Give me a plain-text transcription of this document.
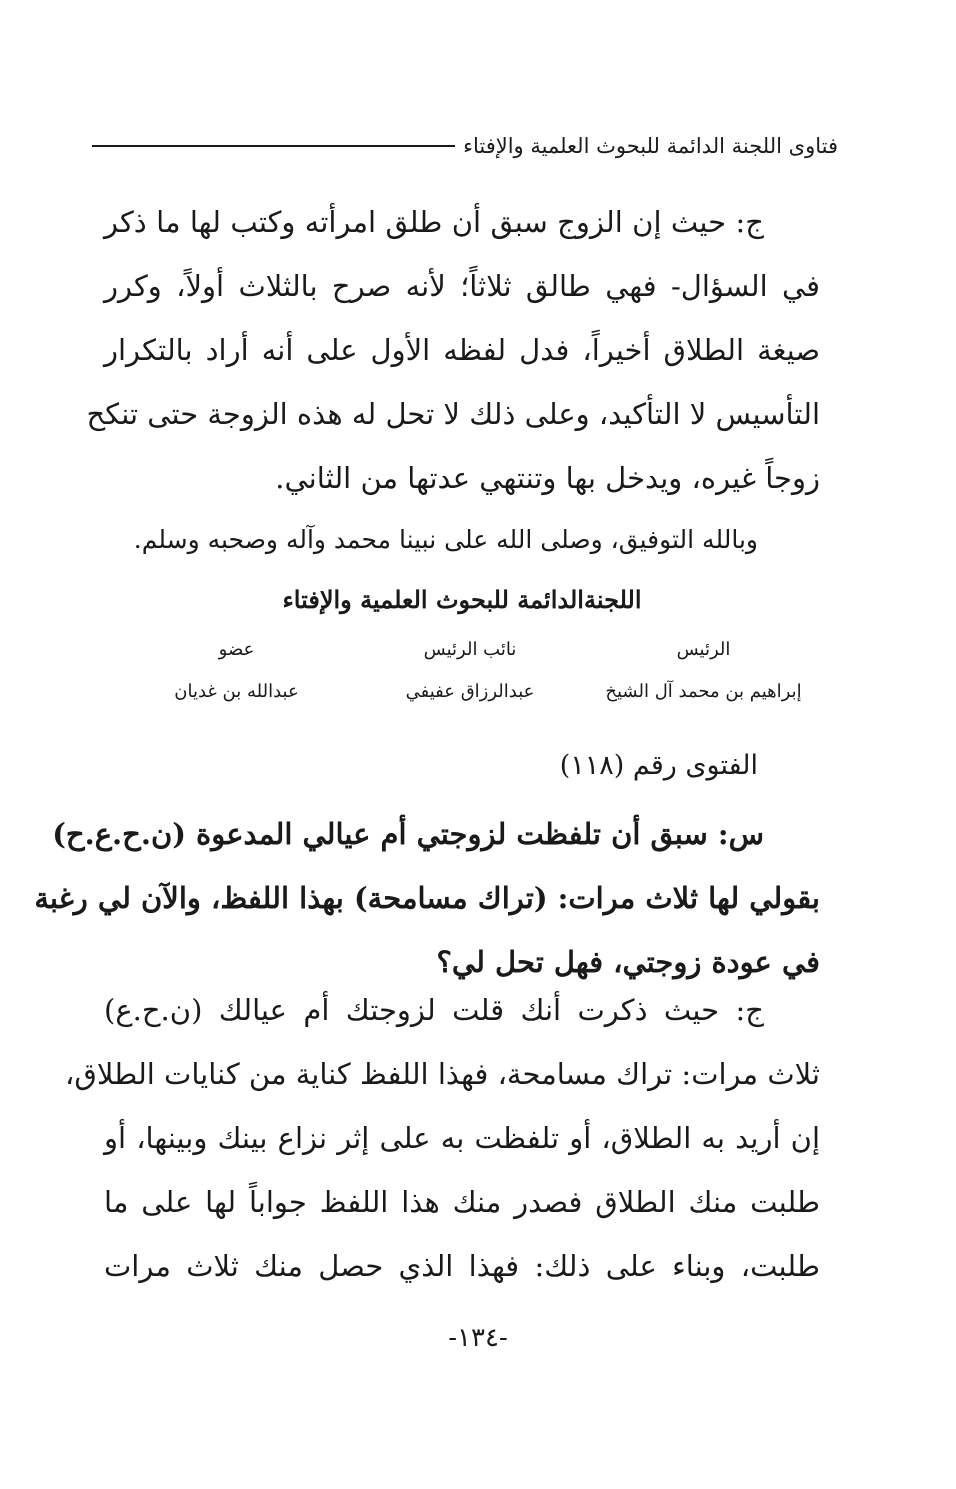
فتاوى اللجنة الدائمة للبحوث العلمية والإفتاء
ج: حيث إن الزوج سبق أن طلق امرأته وكتب لها ما ذكر
في السؤال- فهي طالق ثلاثاً؛ لأنه صرح بالثلاث أولاً، وكرر
صيغة الطلاق أخيراً، فدل لفظه الأول على أنه أراد بالتكرار
التأسيس لا التأكيد، وعلى ذلك لا تحل له هذه الزوجة حتى تنكح
زوجاً غيره، ويدخل بها وتنتهي عدتها من الثاني.
وبالله التوفيق، وصلى الله على نبينا محمد وآله وصحبه وسلم.
اللجنةالدائمة للبحوث العلمية والإفتاء
الرئيس
نائب الرئيس
عضو
إبراهيم بن محمد آل الشيخ
عبدالرزاق عفيفي
عبدالله بن غديان
الفتوى رقم (١١٨)
س: سبق أن تلفظت لزوجتي أم عيالي المدعوة (ن.ح.ع.ح)
بقولي لها ثلاث مرات: (تراك مسامحة) بهذا اللفظ، والآن لي رغبة
في عودة زوجتي، فهل تحل لي؟
ج: حيث ذكرت أنك قلت لزوجتك أم عيالك (ن.ح.ع)
ثلاث مرات: تراك مسامحة، فهذا اللفظ كناية من كنايات الطلاق،
إن أريد به الطلاق، أو تلفظت به على إثر نزاع بينك وبينها، أو
طلبت منك الطلاق فصدر منك هذا اللفظ جواباً لها على ما
طلبت، وبناء على ذلك: فهذا الذي حصل منك ثلاث مرات
-١٣٤-
